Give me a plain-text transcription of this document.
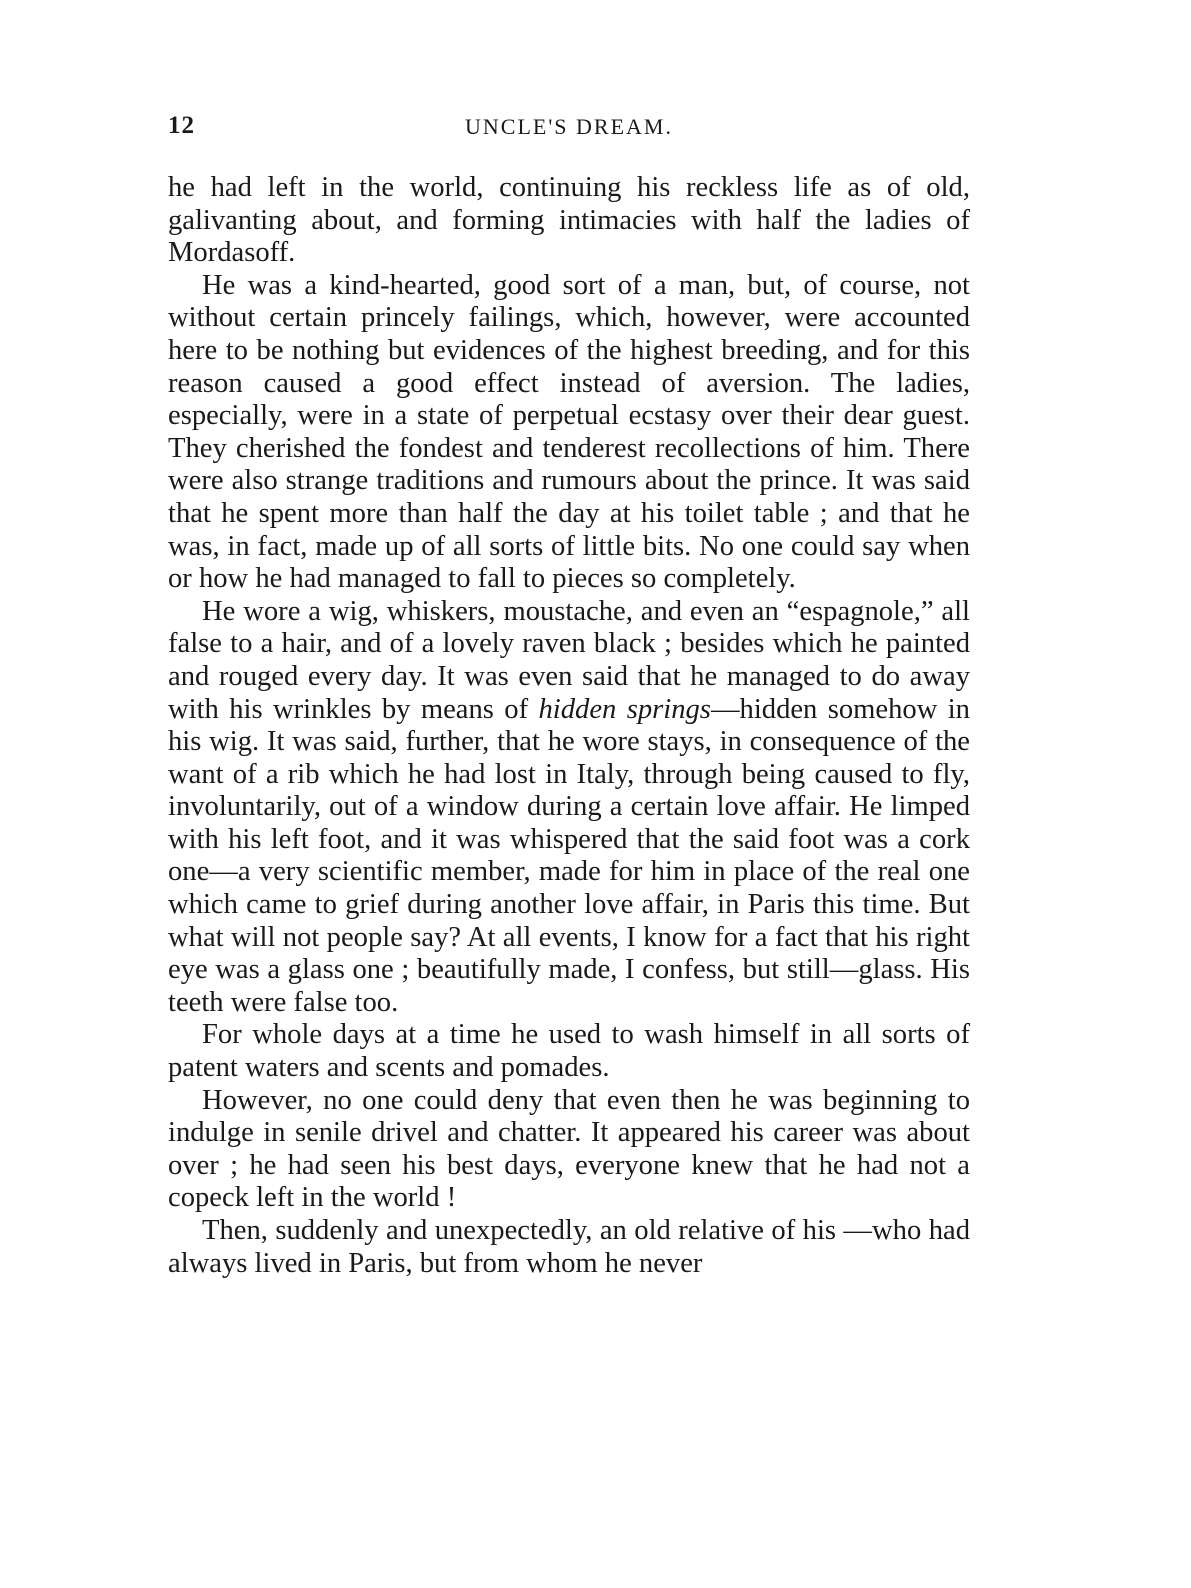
12	UNCLE'S DREAM.

he had left in the world, continuing his reckless life as of old, galivanting about, and forming intimacies with half the ladies of Mordasoff.

He was a kind-hearted, good sort of a man, but, of course, not without certain princely failings, which, however, were accounted here to be nothing but evidences of the highest breeding, and for this reason caused a good effect instead of aversion. The ladies, especially, were in a state of perpetual ecstasy over their dear guest. They cherished the fondest and tenderest recollections of him. There were also strange traditions and rumours about the prince. It was said that he spent more than half the day at his toilet table ; and that he was, in fact, made up of all sorts of little bits. No one could say when or how he had managed to fall to pieces so completely.

He wore a wig, whiskers, moustache, and even an “espagnole,” all false to a hair, and of a lovely raven black ; besides which he painted and rouged every day. It was even said that he managed to do away with his wrinkles by means of hidden springs—hidden somehow in his wig. It was said, further, that he wore stays, in consequence of the want of a rib which he had lost in Italy, through being caused to fly, involuntarily, out of a window during a certain love affair. He limped with his left foot, and it was whispered that the said foot was a cork one—a very scientific member, made for him in place of the real one which came to grief during another love affair, in Paris this time. But what will not people say? At all events, I know for a fact that his right eye was a glass one ; beautifully made, I confess, but still—glass. His teeth were false too.

For whole days at a time he used to wash himself in all sorts of patent waters and scents and pomades.

However, no one could deny that even then he was beginning to indulge in senile drivel and chatter. It appeared his career was about over ; he had seen his best days, everyone knew that he had not a copeck left in the world !

Then, suddenly and unexpectedly, an old relative of his —who had always lived in Paris, but from whom he never
